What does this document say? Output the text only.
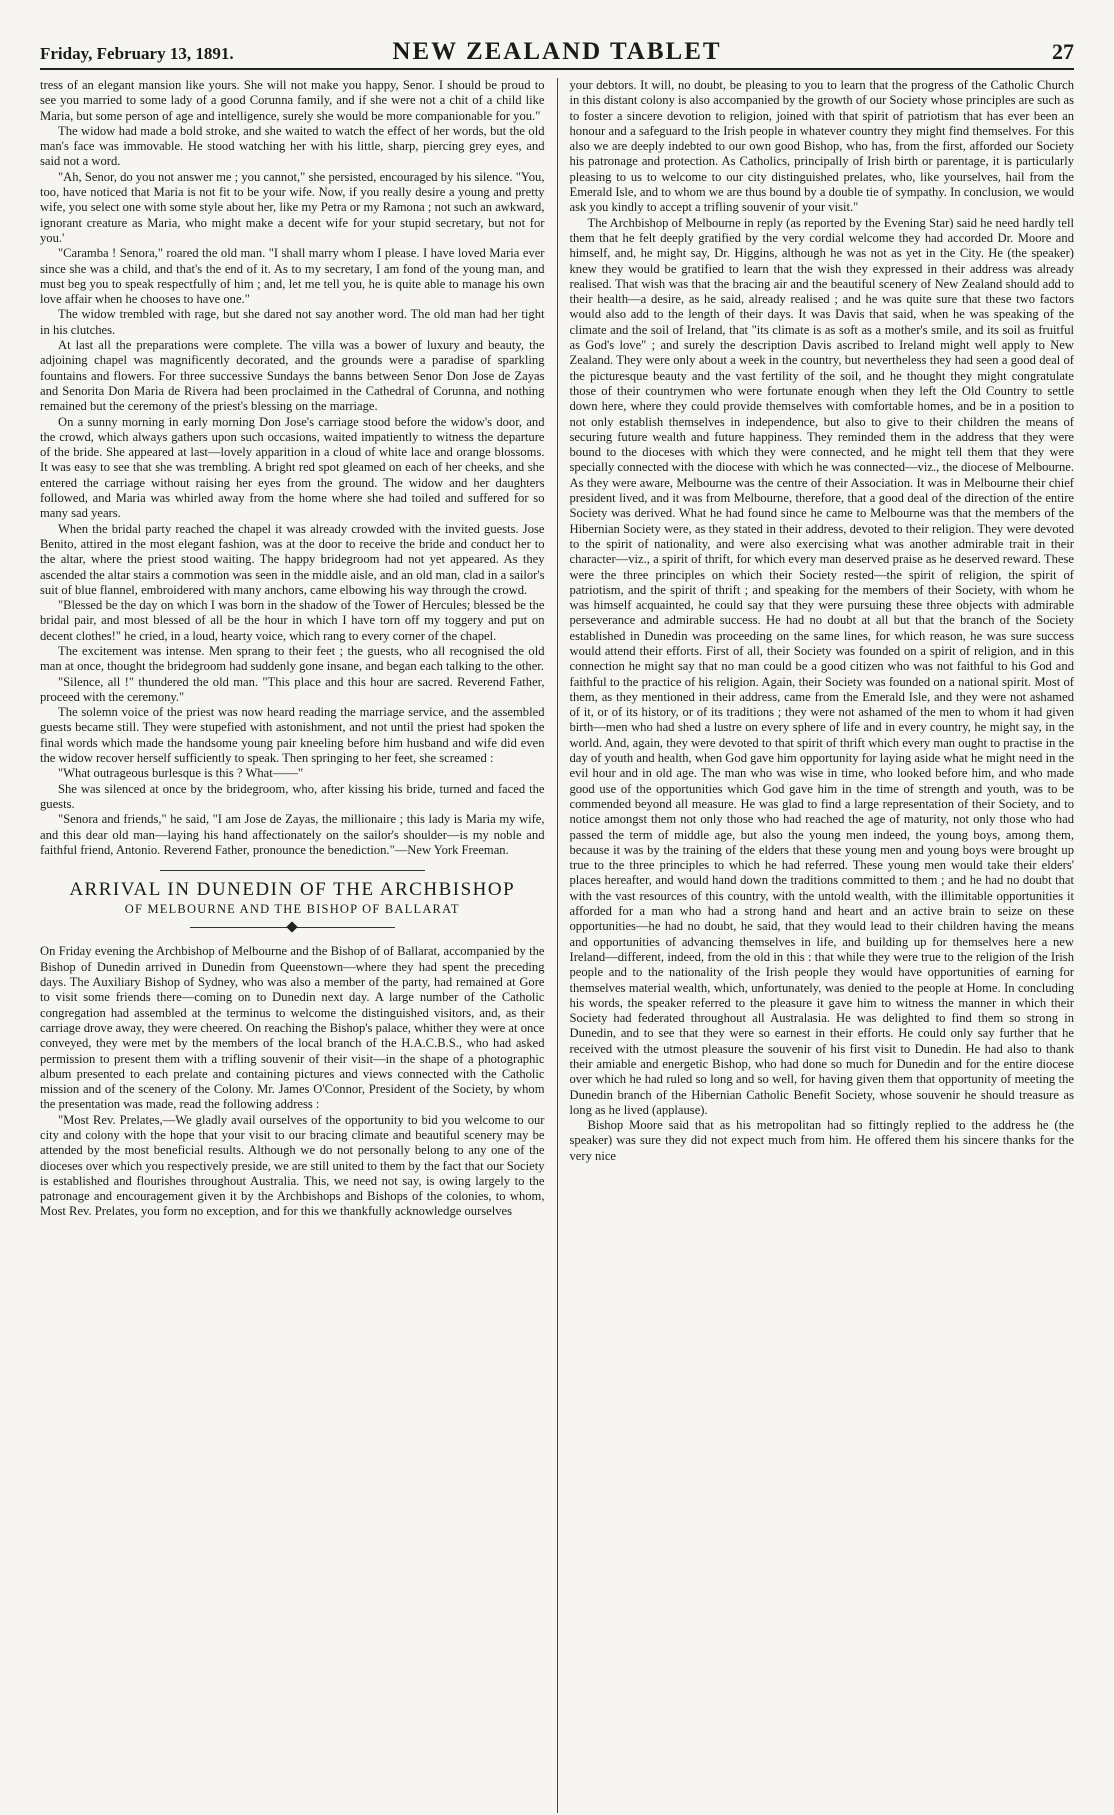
Friday, February 13, 1891.	NEW ZEALAND TABLET	27

tress of an elegant mansion like yours. She will not make you happy, Senor. I should be proud to see you married to some lady of a good Corunna family, and if she were not a chit of a child like Maria, but some person of age and intelligence, surely she would be more companionable for you."

The widow had made a bold stroke, and she waited to watch the effect of her words, but the old man's face was immovable. He stood watching her with his little, sharp, piercing grey eyes, and said not a word.

"Ah, Senor, do you not answer me ; you cannot," she persisted, encouraged by his silence. "You, too, have noticed that Maria is not fit to be your wife. Now, if you really desire a young and pretty wife, you select one with some style about her, like my Petra or my Ramona ; not such an awkward, ignorant creature as Maria, who might make a decent wife for your stupid secretary, but not for you.'

"Caramba ! Senora," roared the old man. "I shall marry whom I please. I have loved Maria ever since she was a child, and that's the end of it. As to my secretary, I am fond of the young man, and must beg you to speak respectfully of him ; and, let me tell you, he is quite able to manage his own love affair when he chooses to have one."

The widow trembled with rage, but she dared not say another word. The old man had her tight in his clutches.

At last all the preparations were complete. The villa was a bower of luxury and beauty, the adjoining chapel was magnificently decorated, and the grounds were a paradise of sparkling fountains and flowers. For three successive Sundays the banns between Senor Don Jose de Zayas and Senorita Don Maria de Rivera had been proclaimed in the Cathedral of Corunna, and nothing remained but the ceremony of the priest's blessing on the marriage.

On a sunny morning in early morning Don Jose's carriage stood before the widow's door, and the crowd, which always gathers upon such occasions, waited impatiently to witness the departure of the bride. She appeared at last—lovely apparition in a cloud of white lace and orange blossoms. It was easy to see that she was trembling. A bright red spot gleamed on each of her cheeks, and she entered the carriage without raising her eyes from the ground. The widow and her daughters followed, and Maria was whirled away from the home where she had toiled and suffered for so many sad years.

When the bridal party reached the chapel it was already crowded with the invited guests. Jose Benito, attired in the most elegant fashion, was at the door to receive the bride and conduct her to the altar, where the priest stood waiting. The happy bridegroom had not yet appeared. As they ascended the altar stairs a commotion was seen in the middle aisle, and an old man, clad in a sailor's suit of blue flannel, embroidered with many anchors, came elbowing his way through the crowd.

"Blessed be the day on which I was born in the shadow of the Tower of Hercules; blessed be the bridal pair, and most blessed of all be the hour in which I have torn off my toggery and put on decent clothes!" he cried, in a loud, hearty voice, which rang to every corner of the chapel.

The excitement was intense. Men sprang to their feet ; the guests, who all recognised the old man at once, thought the bridegroom had suddenly gone insane, and began each talking to the other.

"Silence, all !" thundered the old man. "This place and this hour are sacred. Reverend Father, proceed with the ceremony."

The solemn voice of the priest was now heard reading the marriage service, and the assembled guests became still. They were stupefied with astonishment, and not until the priest had spoken the final words which made the handsome young pair kneeling before him husband and wife did even the widow recover herself sufficiently to speak. Then springing to her feet, she screamed :

"What outrageous burlesque is this ? What——"

She was silenced at once by the bridegroom, who, after kissing his bride, turned and faced the guests.

"Senora and friends," he said, "I am Jose de Zayas, the millionaire ; this lady is Maria my wife, and this dear old man—laying his hand affectionately on the sailor's shoulder—is my noble and faithful friend, Antonio. Reverend Father, pronounce the benediction."—New York Freeman.

ARRIVAL IN DUNEDIN OF THE ARCHBISHOP
OF MELBOURNE AND THE BISHOP OF BALLARAT

On Friday evening the Archbishop of Melbourne and the Bishop of of Ballarat, accompanied by the Bishop of Dunedin arrived in Dunedin from Queenstown—where they had spent the preceding days. The Auxiliary Bishop of Sydney, who was also a member of the party, had remained at Gore to visit some friends there—coming on to Dunedin next day. A large number of the Catholic congregation had assembled at the terminus to welcome the distinguished visitors, and, as their carriage drove away, they were cheered. On reaching the Bishop's palace, whither they were at once conveyed, they were met by the members of the local branch of the H.A.C.B.S., who had asked permission to present them with a trifling souvenir of their visit—in the shape of a photographic album presented to each prelate and containing pictures and views connected with the Catholic mission and of the scenery of the Colony. Mr. James O'Connor, President of the Society, by whom the presentation was made, read the following address :

"Most Rev. Prelates,—We gladly avail ourselves of the opportunity to bid you welcome to our city and colony with the hope that your visit to our bracing climate and beautiful scenery may be attended by the most beneficial results. Although we do not personally belong to any one of the dioceses over which you respectively preside, we are still united to them by the fact that our Society is established and flourishes throughout Australia. This, we need not say, is owing largely to the patronage and encouragement given it by the Archbishops and Bishops of the colonies, to whom, Most Rev. Prelates, you form no exception, and for this we thankfully acknowledge ourselves

your debtors. It will, no doubt, be pleasing to you to learn that the progress of the Catholic Church in this distant colony is also accompanied by the growth of our Society whose principles are such as to foster a sincere devotion to religion, joined with that spirit of patriotism that has ever been an honour and a safeguard to the Irish people in whatever country they might find themselves. For this also we are deeply indebted to our own good Bishop, who has, from the first, afforded our Society his patronage and protection. As Catholics, principally of Irish birth or parentage, it is particularly pleasing to us to welcome to our city distinguished prelates, who, like yourselves, hail from the Emerald Isle, and to whom we are thus bound by a double tie of sympathy. In conclusion, we would ask you kindly to accept a trifling souvenir of your visit."

The Archbishop of Melbourne in reply (as reported by the Evening Star) said he need hardly tell them that he felt deeply gratified by the very cordial welcome they had accorded Dr. Moore and himself, and, he might say, Dr. Higgins, although he was not as yet in the City. He (the speaker) knew they would be gratified to learn that the wish they expressed in their address was already realised. That wish was that the bracing air and the beautiful scenery of New Zealand should add to their health—a desire, as he said, already realised ; and he was quite sure that these two factors would also add to the length of their days. It was Davis that said, when he was speaking of the climate and the soil of Ireland, that "its climate is as soft as a mother's smile, and its soil as fruitful as God's love" ; and surely the description Davis ascribed to Ireland might well apply to New Zealand. They were only about a week in the country, but nevertheless they had seen a good deal of the picturesque beauty and the vast fertility of the soil, and he thought they might congratulate those of their countrymen who were fortunate enough when they left the Old Country to settle down here, where they could provide themselves with comfortable homes, and be in a position to not only establish themselves in independence, but also to give to their children the means of securing future wealth and future happiness. They reminded them in the address that they were bound to the dioceses with which they were connected, and he might tell them that they were specially connected with the diocese with which he was connected—viz., the diocese of Melbourne. As they were aware, Melbourne was the centre of their Association. It was in Melbourne their chief president lived, and it was from Melbourne, therefore, that a good deal of the direction of the entire Society was derived. What he had found since he came to Melbourne was that the members of the Hibernian Society were, as they stated in their address, devoted to their religion. They were devoted to the spirit of nationality, and were also exercising what was another admirable trait in their character—viz., a spirit of thrift, for which every man deserved praise as he deserved reward. These were the three principles on which their Society rested—the spirit of religion, the spirit of patriotism, and the spirit of thrift ; and speaking for the members of their Society, with whom he was himself acquainted, he could say that they were pursuing these three objects with admirable perseverance and admirable success. He had no doubt at all but that the branch of the Society established in Dunedin was proceeding on the same lines, for which reason, he was sure success would attend their efforts. First of all, their Society was founded on a spirit of religion, and in this connection he might say that no man could be a good citizen who was not faithful to his God and faithful to the practice of his religion. Again, their Society was founded on a national spirit. Most of them, as they mentioned in their address, came from the Emerald Isle, and they were not ashamed of it, or of its history, or of its traditions ; they were not ashamed of the men to whom it had given birth—men who had shed a lustre on every sphere of life and in every country, he might say, in the world. And, again, they were devoted to that spirit of thrift which every man ought to practise in the day of youth and health, when God gave him opportunity for laying aside what he might need in the evil hour and in old age. The man who was wise in time, who looked before him, and who made good use of the opportunities which God gave him in the time of strength and youth, was to be commended beyond all measure. He was glad to find a large representation of their Society, and to notice amongst them not only those who had reached the age of maturity, not only those who had passed the term of middle age, but also the young men indeed, the young boys, among them, because it was by the training of the elders that these young men and young boys were brought up true to the three principles to which he had referred. These young men would take their elders' places hereafter, and would hand down the traditions committed to them ; and he had no doubt that with the vast resources of this country, with the untold wealth, with the illimitable opportunities it afforded for a man who had a strong hand and heart and an active brain to seize on these opportunities—he had no doubt, he said, that they would lead to their children having the means and opportunities of advancing themselves in life, and building up for themselves here a new Ireland—different, indeed, from the old in this : that while they were true to the religion of the Irish people and to the nationality of the Irish people they would have opportunities of earning for themselves material wealth, which, unfortunately, was denied to the people at Home. In concluding his words, the speaker referred to the pleasure it gave him to witness the manner in which their Society had federated throughout all Australasia. He was delighted to find them so strong in Dunedin, and to see that they were so earnest in their efforts. He could only say further that he received with the utmost pleasure the souvenir of his first visit to Dunedin. He had also to thank their amiable and energetic Bishop, who had done so much for Dunedin and for the entire diocese over which he had ruled so long and so well, for having given them that opportunity of meeting the Dunedin branch of the Hibernian Catholic Benefit Society, whose souvenir he should treasure as long as he lived (applause).

Bishop Moore said that as his metropolitan had so fittingly replied to the address he (the speaker) was sure they did not expect much from him. He offered them his sincere thanks for the very nice
